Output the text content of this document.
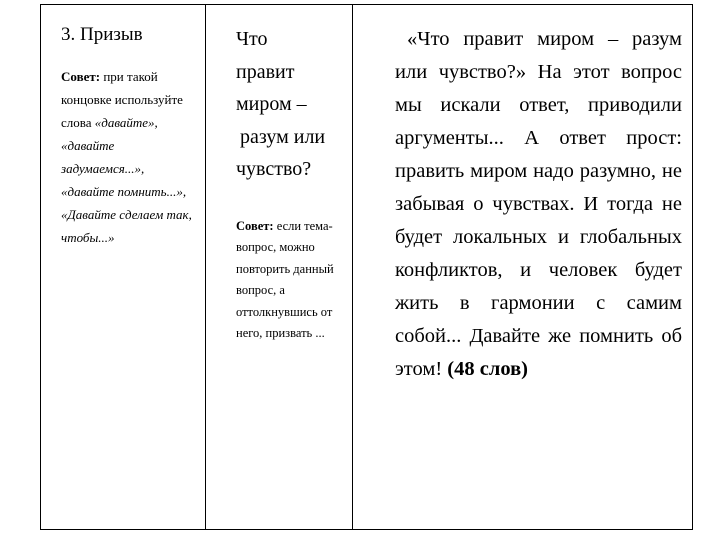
3. Призыв
Совет: при такой концовке используйте слова «давайте», «давайте задумаемся...», «давайте помнить...», «Давайте сделаем так, чтобы...»
Что
правит
миром –
разум или
чувство?
Совет: если тема-вопрос, можно повторить данный вопрос, а оттолкнувшись от него, призвать ...

«Что правит миром – разум или чувство?» На этот вопрос мы искали ответ, приводили аргументы... А ответ прост: править миром надо разумно, не забывая о чувствах. И тогда не будет локальных и глобальных конфликтов, и человек будет жить в гармонии с самим собой... Давайте же помнить об этом! (48 слов)
